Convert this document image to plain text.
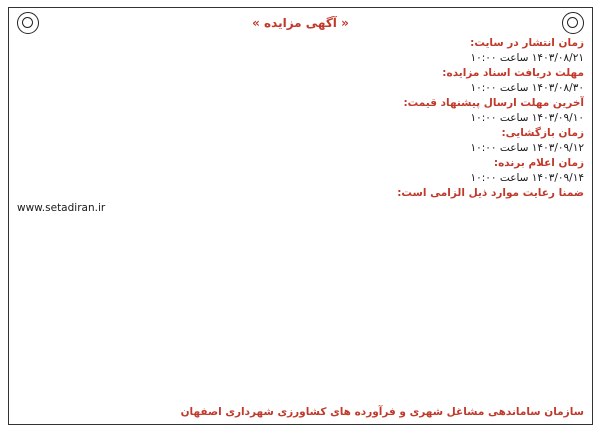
« آگهی مزایده »
زمان انتشار در سایت:
۱۴۰۳/۰۸/۲۱ ساعت ۱۰:۰۰
مهلت دریافت اسناد مزایده:
۱۴۰۳/۰۸/۳۰ ساعت ۱۰:۰۰
آخرین مهلت ارسال پیشنهاد قیمت:
۱۴۰۳/۰۹/۱۰ ساعت ۱۰:۰۰
زمان بازگشایی:
۱۴۰۳/۰۹/۱۲ ساعت ۱۰:۰۰
زمان اعلام برنده:
۱۴۰۳/۰۹/۱۴ ساعت ۱۰:۰۰
ضمنا رعایت موارد ذیل الزامی است:
www.setadiran.ir
سازمان ساماندهی مشاغل شهری و فرآورده های کشاورزی شهرداری اصفهان
